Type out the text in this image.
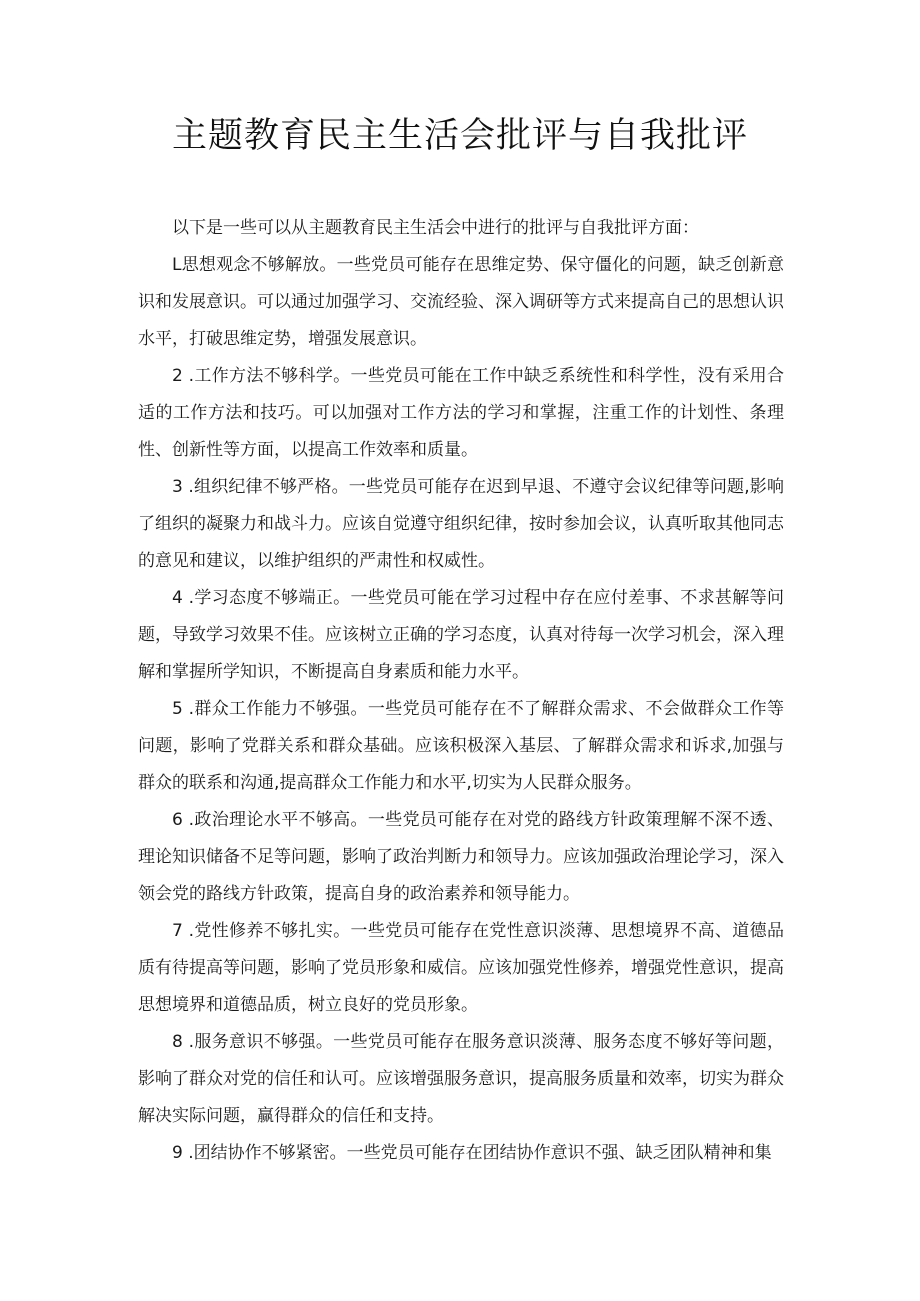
主题教育民主生活会批评与自我批评

以下是一些可以从主题教育民主生活会中进行的批评与自我批评方面：

L思想观念不够解放。一些党员可能存在思维定势、保守僵化的问题，缺乏创新意识和发展意识。可以通过加强学习、交流经验、深入调研等方式来提高自己的思想认识水平，打破思维定势，增强发展意识。

2 .工作方法不够科学。一些党员可能在工作中缺乏系统性和科学性，没有采用合适的工作方法和技巧。可以加强对工作方法的学习和掌握，注重工作的计划性、条理性、创新性等方面，以提高工作效率和质量。

3 .组织纪律不够严格。一些党员可能存在迟到早退、不遵守会议纪律等问题,影响了组织的凝聚力和战斗力。应该自觉遵守组织纪律，按时参加会议，认真听取其他同志的意见和建议，以维护组织的严肃性和权威性。

4 .学习态度不够端正。一些党员可能在学习过程中存在应付差事、不求甚解等问题，导致学习效果不佳。应该树立正确的学习态度，认真对待每一次学习机会，深入理解和掌握所学知识，不断提高自身素质和能力水平。

5 .群众工作能力不够强。一些党员可能存在不了解群众需求、不会做群众工作等问题，影响了党群关系和群众基础。应该积极深入基层、了解群众需求和诉求,加强与群众的联系和沟通,提高群众工作能力和水平,切实为人民群众服务。

6 .政治理论水平不够高。一些党员可能存在对党的路线方针政策理解不深不透、理论知识储备不足等问题，影响了政治判断力和领导力。应该加强政治理论学习，深入领会党的路线方针政策，提高自身的政治素养和领导能力。

7 .党性修养不够扎实。一些党员可能存在党性意识淡薄、思想境界不高、道德品质有待提高等问题，影响了党员形象和威信。应该加强党性修养，增强党性意识，提高思想境界和道德品质，树立良好的党员形象。

8 .服务意识不够强。一些党员可能存在服务意识淡薄、服务态度不够好等问题，影响了群众对党的信任和认可。应该增强服务意识，提高服务质量和效率，切实为群众解决实际问题，赢得群众的信任和支持。

9 .团结协作不够紧密。一些党员可能存在团结协作意识不强、缺乏团队精神和集
